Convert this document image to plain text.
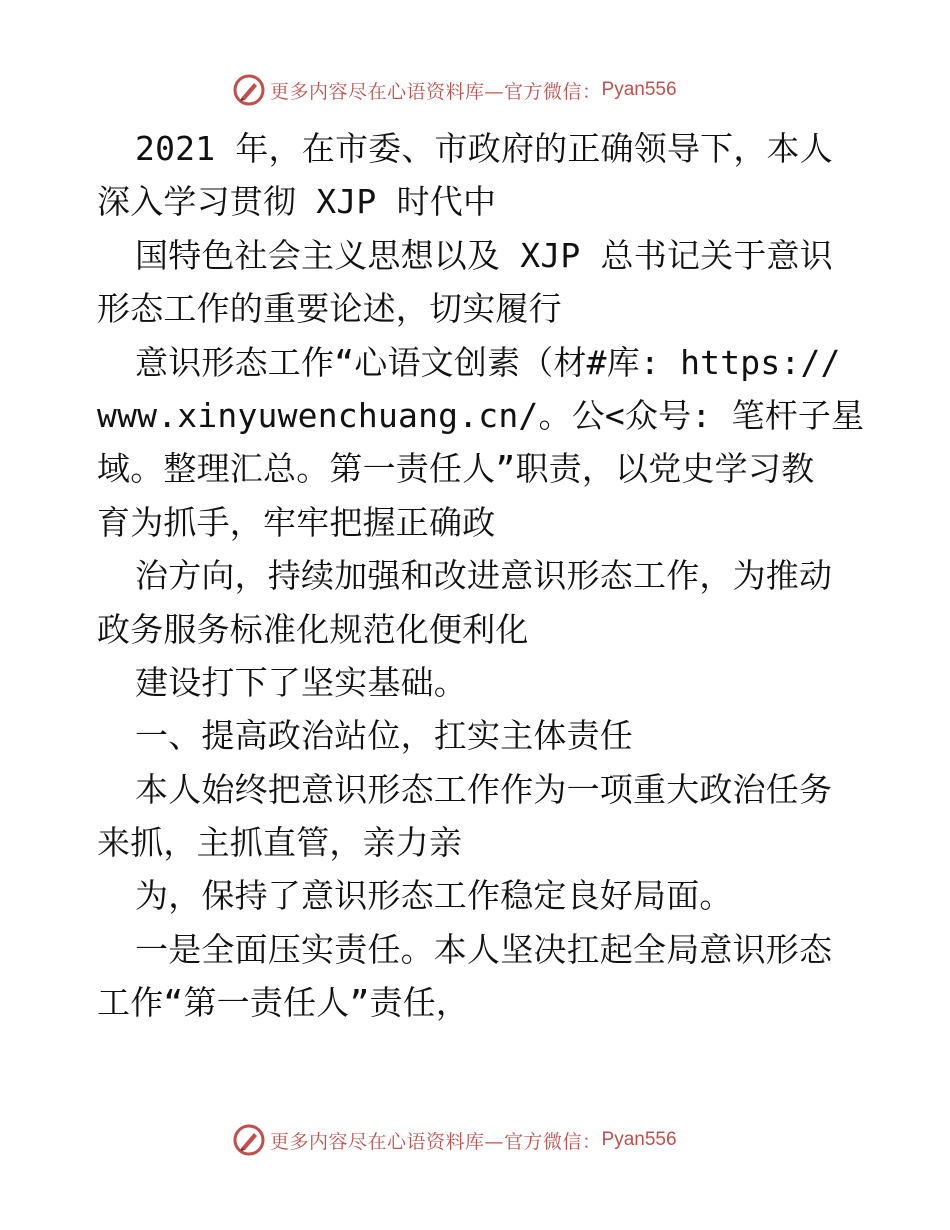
更多内容尽在心语资料库—官方微信： Pyan556
2021 年，在市委、市政府的正确领导下，本人
深入学习贯彻 XJP 时代中
国特色社会主义思想以及 XJP 总书记关于意识
形态工作的重要论述，切实履行
意识形态工作“心语文创素（材#库: https://
www.xinyuwenchuang.cn/。公<众号: 笔杆子星
域。整理汇总。第一责任人”职责，以党史学习教
育为抓手，牢牢把握正确政
治方向，持续加强和改进意识形态工作，为推动
政务服务标准化规范化便利化
建设打下了坚实基础。
一、提高政治站位，扛实主体责任
本人始终把意识形态工作作为一项重大政治任务
来抓，主抓直管，亲力亲
为，保持了意识形态工作稳定良好局面。
一是全面压实责任。本人坚决扛起全局意识形态
工作“第一责任人”责任，
更多内容尽在心语资料库—官方微信： Pyan556
